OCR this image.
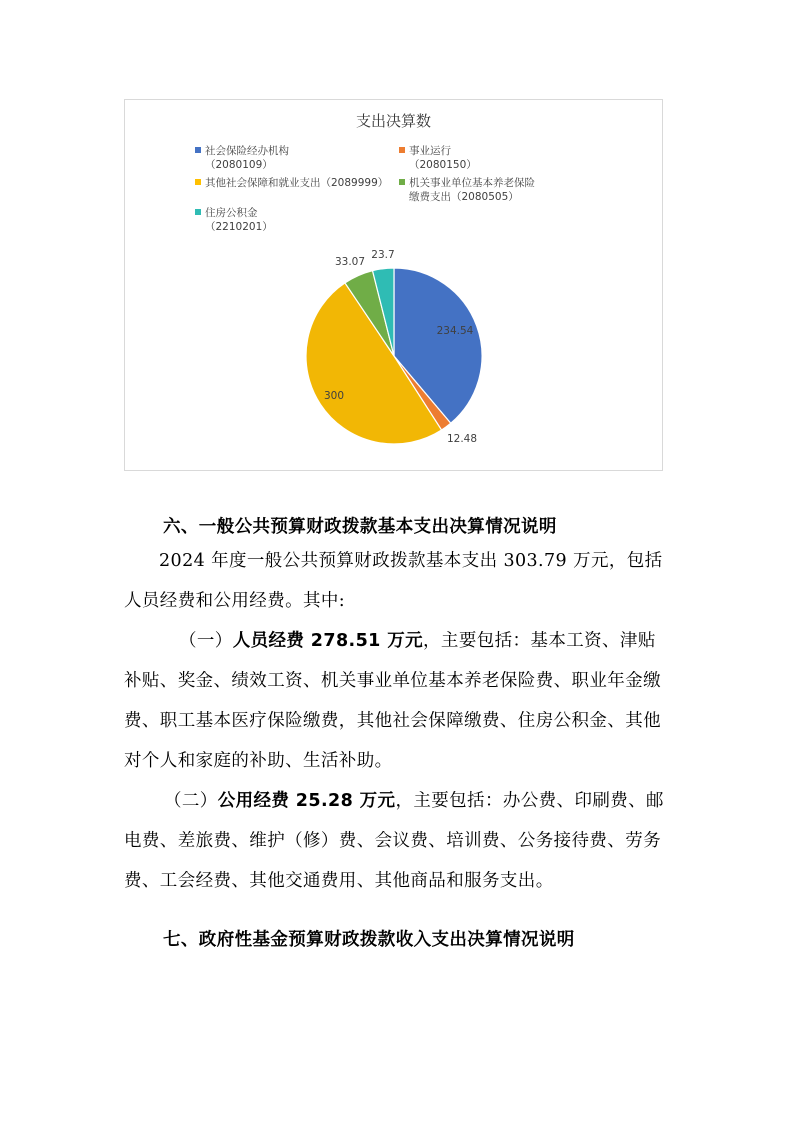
支出决算数
社会保险经办机构
（2080109）
事业运行
（2080150）
其他社会保障和就业支出（2089999） 机关事业单位基本养老保险
缴费支出（2080505）
住房公积金
（2210201）
234.54
12.48
300
33.07
23.7
六、一般公共预算财政拨款基本支出决算情况说明
2024 年度一般公共预算财政拨款基本支出 303.79 万元，包括人员经费和公用经费。其中:
（一）人员经费 278.51 万元，主要包括：基本工资、津贴补贴、奖金、绩效工资、机关事业单位基本养老保险费、职业年金缴费、职工基本医疗保险缴费，其他社会保障缴费、住房公积金、其他对个人和家庭的补助、生活补助。
（二）公用经费 25.28 万元，主要包括：办公费、印刷费、邮电费、差旅费、维护（修）费、会议费、培训费、公务接待费、劳务费、工会经费、其他交通费用、其他商品和服务支出。
七、政府性基金预算财政拨款收入支出决算情况说明
